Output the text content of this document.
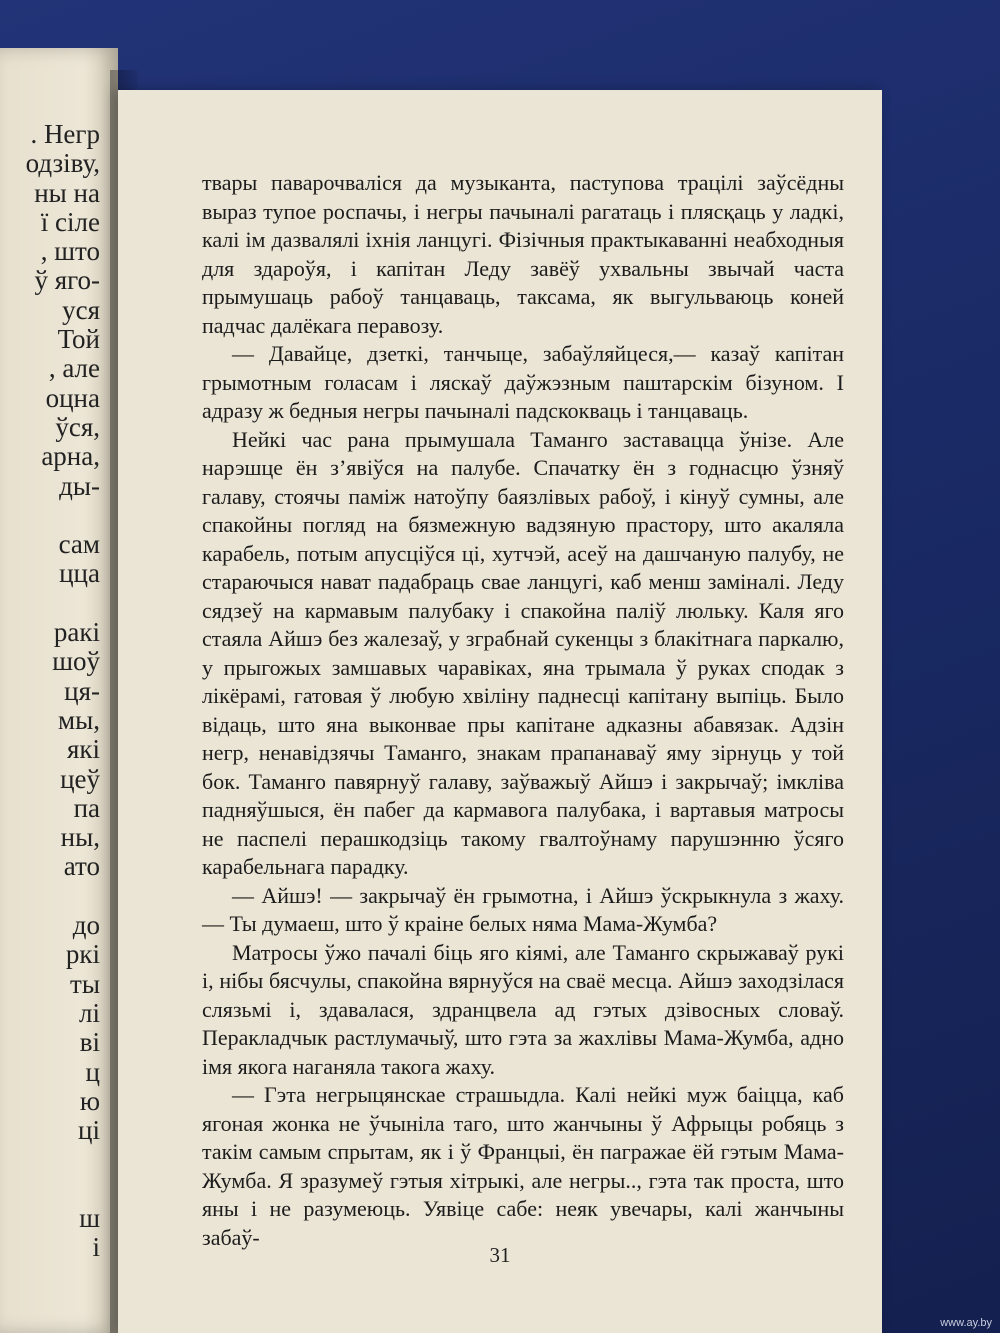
. Негр
одзіву,
ны на
ї сіле
, што
ў яго-
уся
Той
, але
оцна
ўся,
арна,
ды-

сам
цца

ракі
шоў
ця-
мы,
які
цеў
па
ны,
ато

до
ркі
ты
лі
ві
ц
ю
ці

ш
і

твары паварочваліся да музыканта, паступова трацілі заўсёдны выраз тупое роспачы, і негры пачыналі рагатаць і плясқаць у ладкі, калі ім дазвалялі іхнія ланцугі. Фізічныя практыкаванні неабходныя для здароўя, і капітан Леду завёў ухвальны звычай часта прымушаць рабоў танцаваць, таксама, як выгульваюць коней падчас далёкага перавозу.

— Давайце, дзеткі, танчыце, забаўляйцеся,— казаў капітан грымотным голасам і ляскаў даўжэзным паштарскім бізуном. І адразу ж бедныя негры пачыналі падскокваць і танцаваць.

Нейкі час рана прымушала Таманго заставацца ўнізе. Але нарэшце ён з’явіўся на палубе. Спачатку ён з годнасцю ўзняў галаву, стоячы паміж натоўпу баязлівых рабоў, і кінуў сумны, але спакойны погляд на бязмежную вадзяную прастору, што акаляла карабель, потым апусціўся ці, хутчэй, асеў на дашчаную палубу, не стараючыся нават падабраць свае ланцугі, каб менш заміналі. Леду сядзеў на кармавым палубаку і спакойна паліў люльку. Каля яго стаяла Айшэ без жалезаў, у зграбнай сукенцы з блакітнага паркалю, у прыгожых замшавых чаравіках, яна трымала ў руках сподак з лікёрамі, гатовая ў любую хвіліну паднесці капітану выпіць. Было відаць, што яна выконвае пры капітане адказны абавязак. Адзін негр, ненавідзячы Таманго, знакам прапанаваў яму зірнуць у той бок. Таманго павярнуў галаву, заўважыў Айшэ і закрычаў; імкліва падняўшыся, ён пабег да кармавога палубака, і вартавыя матросы не паспелі перашкодзіць такому гвалтоўнаму парушэнню ўсяго карабельнага парадку.

— Айшэ! — закрычаў ён грымотна, і Айшэ ўскрыкнула з жаху.— Ты думаеш, што ў краіне белых няма Мама-Жумба?

Матросы ўжо пачалі біць яго кіямі, але Таманго скрыжаваў рукі і, нібы бясчулы, спакойна вярнуўся на сваё месца. Айшэ заходзілася слязьмі і, здавалася, здранцвела ад гэтых дзівосных словаў. Перакладчык растлумачыў, што гэта за жахлівы Мама-Жумба, адно імя якога наганяла такога жаху.

— Гэта негрыцянскае страшыдла. Калі нейкі муж баіцца, каб ягоная жонка не ўчыніла таго, што жанчыны ў Афрыцы робяць з такім самым спрытам, як і ў Францыі, ён пагражае ёй гэтым Мама-Жумба. Я зразумеў гэтыя хітрыкі, але негры.., гэта так проста, што яны і не разумеюць. Уявіце сабе: неяк увечары, калі жанчыны забаў-

31
www.ay.by
